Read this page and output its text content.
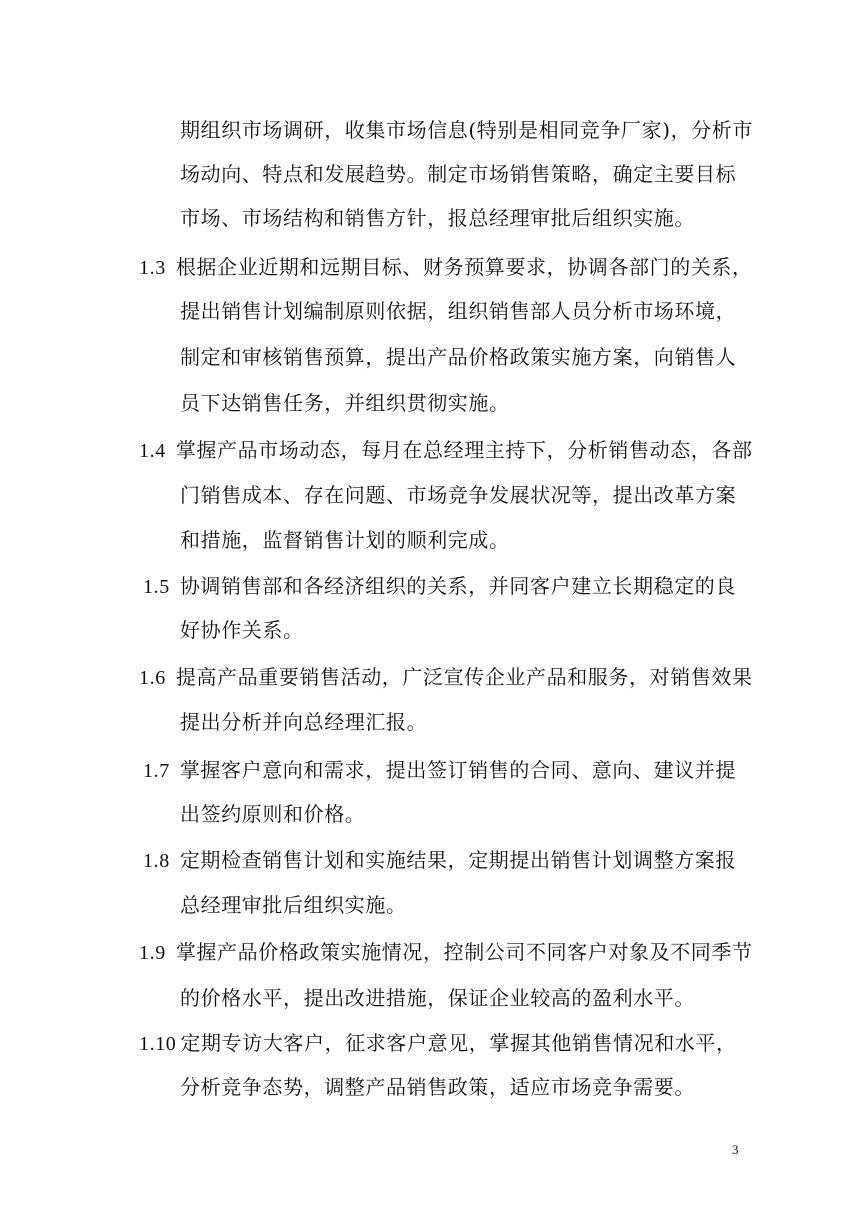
期组织市场调研，收集市场信息(特别是相同竞争厂家)，分析市
场动向、特点和发展趋势。制定市场销售策略，确定主要目标
市场、市场结构和销售方针，报总经理审批后组织实施。
1.3 根据企业近期和远期目标、财务预算要求，协调各部门的关系，
提出销售计划编制原则依据，组织销售部人员分析市场环境，
制定和审核销售预算，提出产品价格政策实施方案，向销售人
员下达销售任务，并组织贯彻实施。
1.4 掌握产品市场动态，每月在总经理主持下，分析销售动态，各部
门销售成本、存在问题、市场竞争发展状况等，提出改革方案
和措施，监督销售计划的顺利完成。
1.5 协调销售部和各经济组织的关系，并同客户建立长期稳定的良
好协作关系。
1.6 提高产品重要销售活动，广泛宣传企业产品和服务，对销售效果
提出分析并向总经理汇报。
1.7 掌握客户意向和需求，提出签订销售的合同、意向、建议并提
出签约原则和价格。
1.8 定期检查销售计划和实施结果，定期提出销售计划调整方案报
总经理审批后组织实施。
1.9 掌握产品价格政策实施情况，控制公司不同客户对象及不同季节
的价格水平，提出改进措施，保证企业较高的盈利水平。
1.10 定期专访大客户，征求客户意见，掌握其他销售情况和水平，
分析竞争态势，调整产品销售政策，适应市场竞争需要。
3
